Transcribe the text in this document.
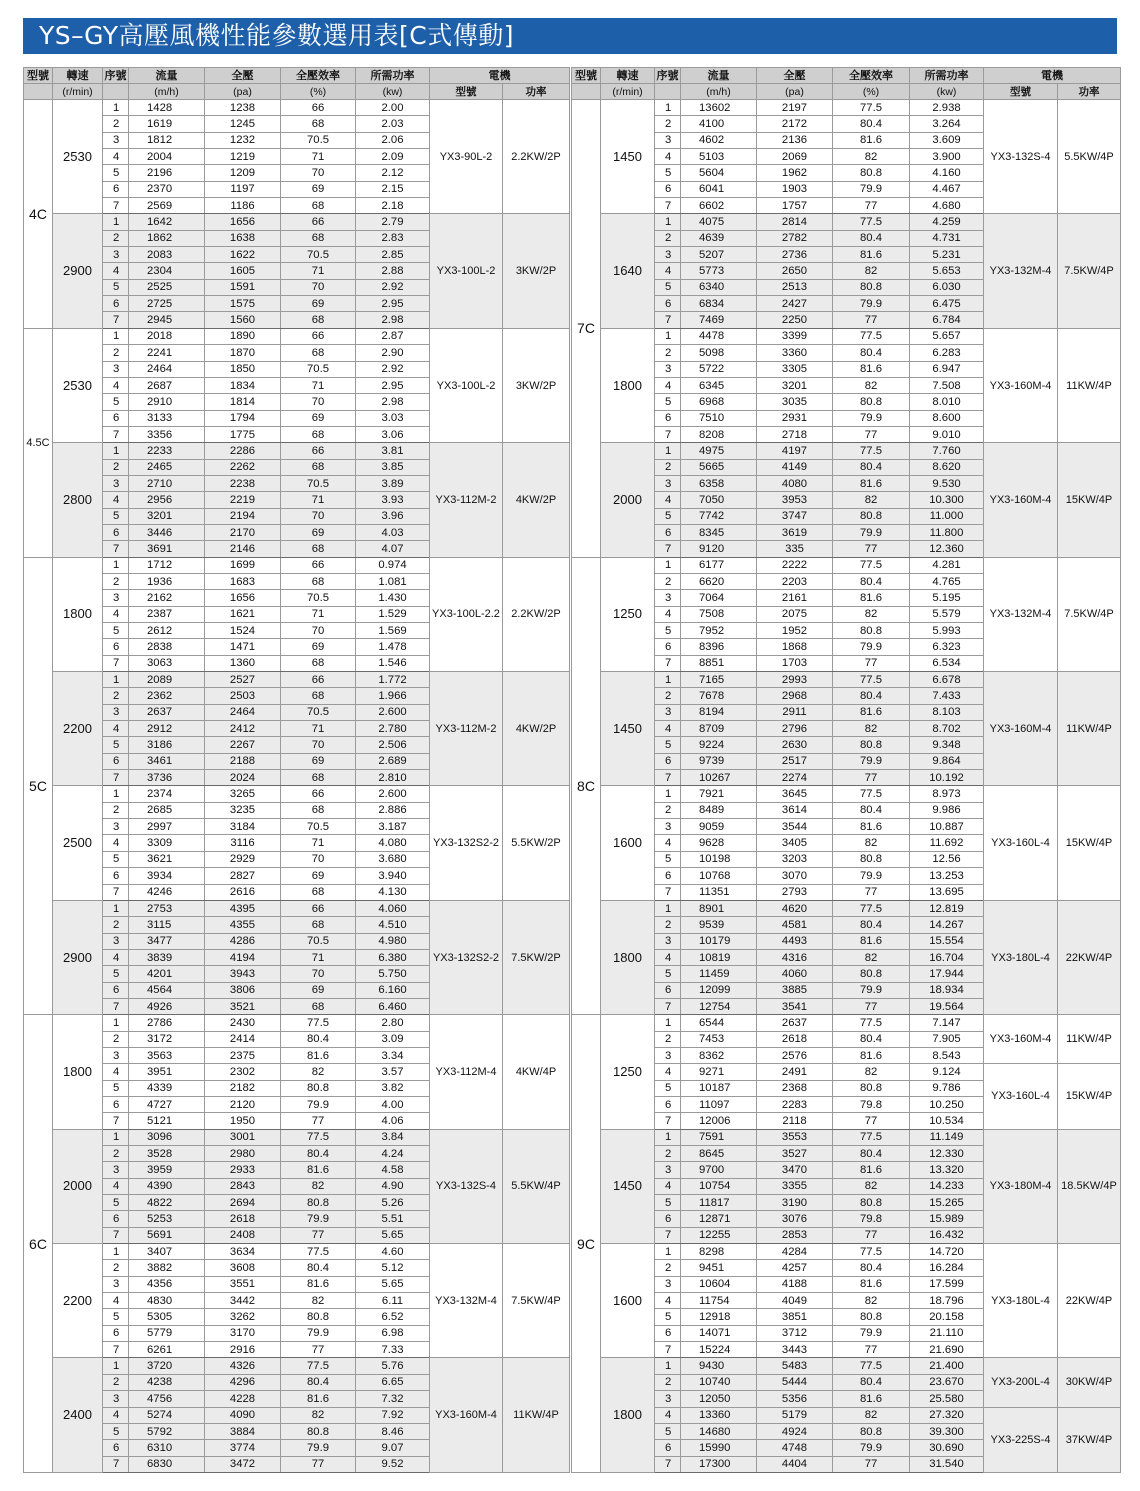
YS–GY高壓風機性能參數選用表[C式傳動]
型號	轉速	序號	流量	全壓	全壓效率	所需功率	電機	
	(r/min)		(m/h)	(pa)	(%)	(kw)	型號	功率
4C	2530	1	1428	1238	66	2.00	YX3-90L-2	2.2KW/2P
		2	1619	1245	68	2.03		
		3	1812	1232	70.5	2.06		
		4	2004	1219	71	2.09		
		5	2196	1209	70	2.12		
		6	2370	1197	69	2.15		
		7	2569	1186	68	2.18		
	2900	1	1642	1656	66	2.79	YX3-100L-2	3KW/2P
		2	1862	1638	68	2.83		
		3	2083	1622	70.5	2.85		
		4	2304	1605	71	2.88		
		5	2525	1591	70	2.92		
		6	2725	1575	69	2.95		
		7	2945	1560	68	2.98		
4.5C	2530	1	2018	1890	66	2.87	YX3-100L-2	3KW/2P
		2	2241	1870	68	2.90		
		3	2464	1850	70.5	2.92		
		4	2687	1834	71	2.95		
		5	2910	1814	70	2.98		
		6	3133	1794	69	3.03		
		7	3356	1775	68	3.06		
	2800	1	2233	2286	66	3.81	YX3-112M-2	4KW/2P
		2	2465	2262	68	3.85		
		3	2710	2238	70.5	3.89		
		4	2956	2219	71	3.93		
		5	3201	2194	70	3.96		
		6	3446	2170	69	4.03		
		7	3691	2146	68	4.07		
5C	1800	1	1712	1699	66	0.974	YX3-100L-2.2	2.2KW/2P
		2	1936	1683	68	1.081		
		3	2162	1656	70.5	1.430		
		4	2387	1621	71	1.529		
		5	2612	1524	70	1.569		
		6	2838	1471	69	1.478		
		7	3063	1360	68	1.546		
	2200	1	2089	2527	66	1.772	YX3-112M-2	4KW/2P
		2	2362	2503	68	1.966		
		3	2637	2464	70.5	2.600		
		4	2912	2412	71	2.780		
		5	3186	2267	70	2.506		
		6	3461	2188	69	2.689		
		7	3736	2024	68	2.810		
	2500	1	2374	3265	66	2.600	YX3-132S2-2	5.5KW/2P
		2	2685	3235	68	2.886		
		3	2997	3184	70.5	3.187		
		4	3309	3116	71	4.080		
		5	3621	2929	70	3.680		
		6	3934	2827	69	3.940		
		7	4246	2616	68	4.130		
	2900	1	2753	4395	66	4.060	YX3-132S2-2	7.5KW/2P
		2	3115	4355	68	4.510		
		3	3477	4286	70.5	4.980		
		4	3839	4194	71	6.380		
		5	4201	3943	70	5.750		
		6	4564	3806	69	6.160		
		7	4926	3521	68	6.460		
6C	1800	1	2786	2430	77.5	2.80	YX3-112M-4	4KW/4P
		2	3172	2414	80.4	3.09		
		3	3563	2375	81.6	3.34		
		4	3951	2302	82	3.57		
		5	4339	2182	80.8	3.82		
		6	4727	2120	79.9	4.00		
		7	5121	1950	77	4.06		
	2000	1	3096	3001	77.5	3.84	YX3-132S-4	5.5KW/4P
		2	3528	2980	80.4	4.24		
		3	3959	2933	81.6	4.58		
		4	4390	2843	82	4.90		
		5	4822	2694	80.8	5.26		
		6	5253	2618	79.9	5.51		
		7	5691	2408	77	5.65		
	2200	1	3407	3634	77.5	4.60	YX3-132M-4	7.5KW/4P
		2	3882	3608	80.4	5.12		
		3	4356	3551	81.6	5.65		
		4	4830	3442	82	6.11		
		5	5305	3262	80.8	6.52		
		6	5779	3170	79.9	6.98		
		7	6261	2916	77	7.33		
	2400	1	3720	4326	77.5	5.76	YX3-160M-4	11KW/4P
		2	4238	4296	80.4	6.65		
		3	4756	4228	81.6	7.32		
		4	5274	4090	82	7.92		
		5	5792	3884	80.8	8.46		
		6	6310	3774	79.9	9.07		
		7	6830	3472	77	9.52		
型號	轉速	序號	流量	全壓	全壓效率	所需功率	電機	
	(r/min)		(m/h)	(pa)	(%)	(kw)	型號	功率
7C	1450	1	13602	2197	77.5	2.938	YX3-132S-4	5.5KW/4P
		2	4100	2172	80.4	3.264		
		3	4602	2136	81.6	3.609		
		4	5103	2069	82	3.900		
		5	5604	1962	80.8	4.160		
		6	6041	1903	79.9	4.467		
		7	6602	1757	77	4.680		
	1640	1	4075	2814	77.5	4.259	YX3-132M-4	7.5KW/4P
		2	4639	2782	80.4	4.731		
		3	5207	2736	81.6	5.231		
		4	5773	2650	82	5.653		
		5	6340	2513	80.8	6.030		
		6	6834	2427	79.9	6.475		
		7	7469	2250	77	6.784		
	1800	1	4478	3399	77.5	5.657	YX3-160M-4	11KW/4P
		2	5098	3360	80.4	6.283		
		3	5722	3305	81.6	6.947		
		4	6345	3201	82	7.508		
		5	6968	3035	80.8	8.010		
		6	7510	2931	79.9	8.600		
		7	8208	2718	77	9.010		
	2000	1	4975	4197	77.5	7.760	YX3-160M-4	15KW/4P
		2	5665	4149	80.4	8.620		
		3	6358	4080	81.6	9.530		
		4	7050	3953	82	10.300		
		5	7742	3747	80.8	11.000		
		6	8345	3619	79.9	11.800		
		7	9120	335	77	12.360		
8C	1250	1	6177	2222	77.5	4.281	YX3-132M-4	7.5KW/4P
		2	6620	2203	80.4	4.765		
		3	7064	2161	81.6	5.195		
		4	7508	2075	82	5.579		
		5	7952	1952	80.8	5.993		
		6	8396	1868	79.9	6.323		
		7	8851	1703	77	6.534		
	1450	1	7165	2993	77.5	6.678	YX3-160M-4	11KW/4P
		2	7678	2968	80.4	7.433		
		3	8194	2911	81.6	8.103		
		4	8709	2796	82	8.702		
		5	9224	2630	80.8	9.348		
		6	9739	2517	79.9	9.864		
		7	10267	2274	77	10.192		
	1600	1	7921	3645	77.5	8.973	YX3-160L-4	15KW/4P
		2	8489	3614	80.4	9.986		
		3	9059	3544	81.6	10.887		
		4	9628	3405	82	11.692		
		5	10198	3203	80.8	12.56		
		6	10768	3070	79.9	13.253		
		7	11351	2793	77	13.695		
	1800	1	8901	4620	77.5	12.819	YX3-180L-4	22KW/4P
		2	9539	4581	80.4	14.267		
		3	10179	4493	81.6	15.554		
		4	10819	4316	82	16.704		
		5	11459	4060	80.8	17.944		
		6	12099	3885	79.9	18.934		
		7	12754	3541	77	19.564		
9C	1250	1	6544	2637	77.5	7.147	YX3-160M-4	11KW/4P
		2	7453	2618	80.4	7.905		
		3	8362	2576	81.6	8.543		
		4	9271	2491	82	9.124	YX3-160L-4	15KW/4P
		5	10187	2368	80.8	9.786		
		6	11097	2283	79.8	10.250		
		7	12006	2118	77	10.534		
	1450	1	7591	3553	77.5	11.149	YX3-180M-4	18.5KW/4P
		2	8645	3527	80.4	12.330		
		3	9700	3470	81.6	13.320		
		4	10754	3355	82	14.233		
		5	11817	3190	80.8	15.265		
		6	12871	3076	79.8	15.989		
		7	12255	2853	77	16.432		
	1600	1	8298	4284	77.5	14.720	YX3-180L-4	22KW/4P
		2	9451	4257	80.4	16.284		
		3	10604	4188	81.6	17.599		
		4	11754	4049	82	18.796		
		5	12918	3851	80.8	20.158		
		6	14071	3712	79.9	21.110		
		7	15224	3443	77	21.690		
	1800	1	9430	5483	77.5	21.400	YX3-200L-4	30KW/4P
		2	10740	5444	80.4	23.670		
		3	12050	5356	81.6	25.580		
		4	13360	5179	82	27.320	YX3-225S-4	37KW/4P
		5	14680	4924	80.8	39.300		
		6	15990	4748	79.9	30.690		
		7	17300	4404	77	31.540		
